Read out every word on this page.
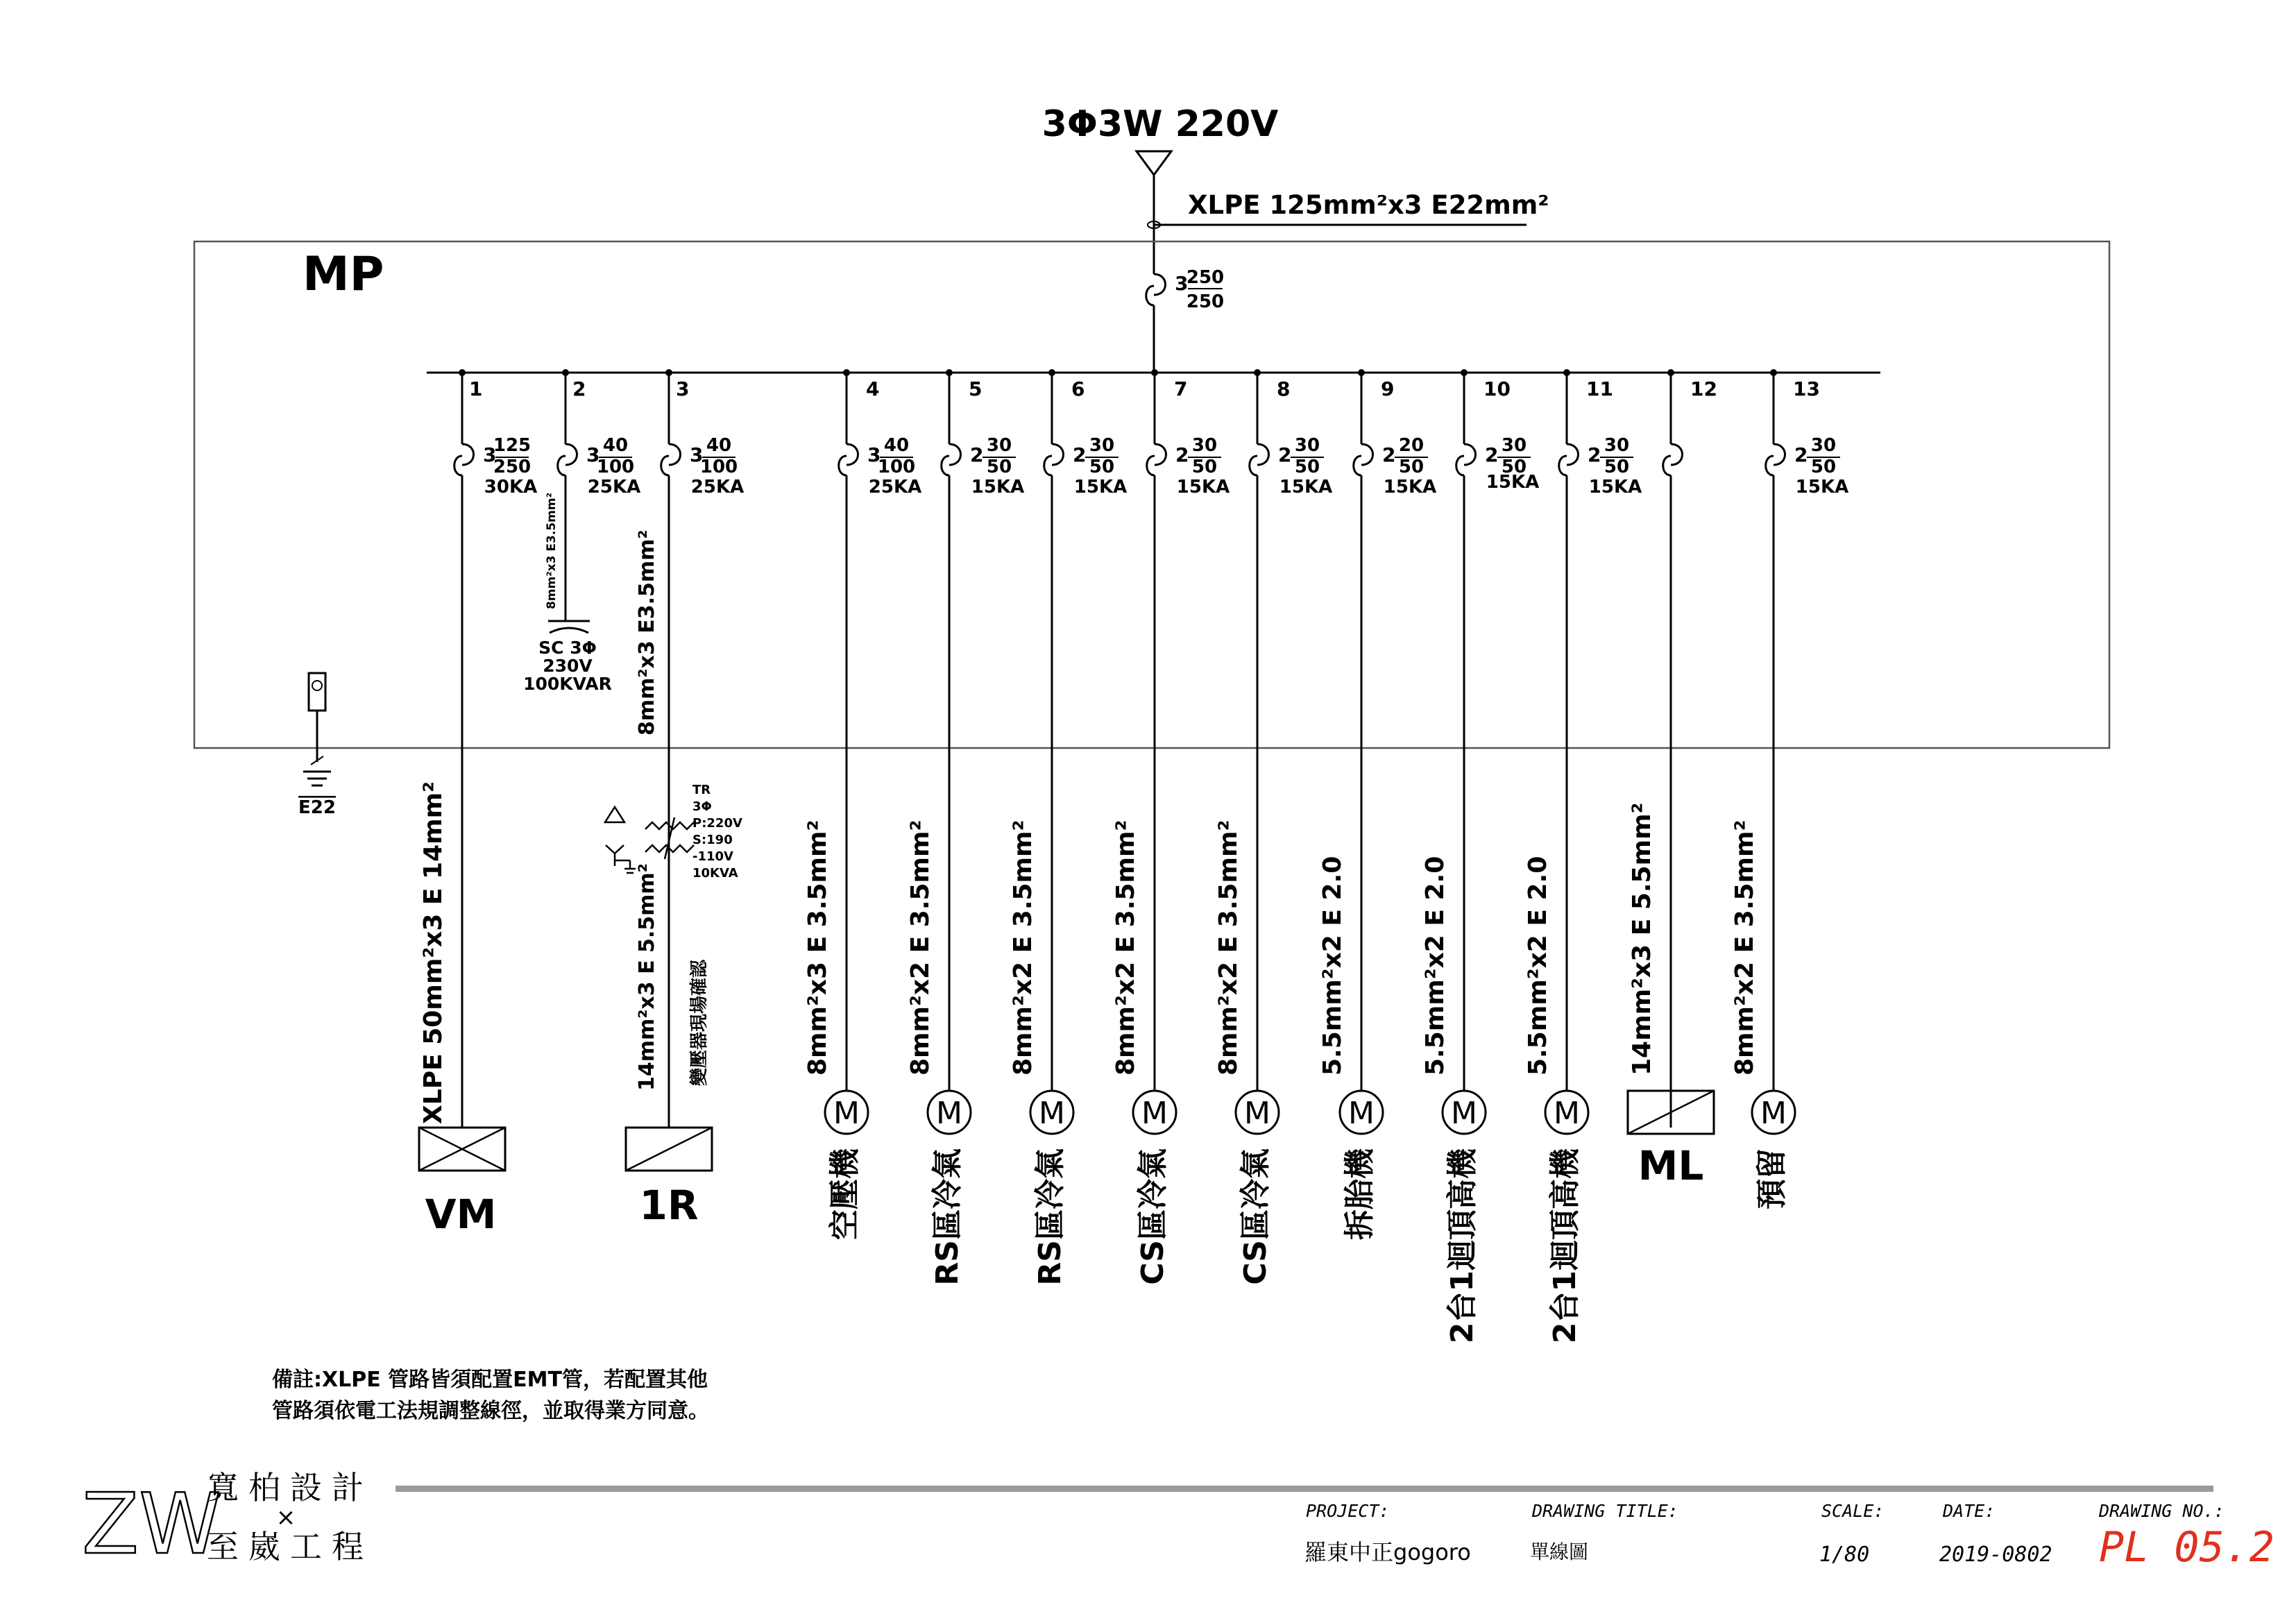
3Φ3W 220V
XLPE 125mm²x3 E22mm²
MP	3
250
250
E22
1
3
125
250
30KA
XLPE 50mm²x3 E 14mm²
VM
2
3 40
100
25KA
3
3 40
100
25KA
8mm²x3 E3.5mm²
14mm²x3 E 5.5mm² 變壓器現場確認
1R
4
3 40
100
25KA
8mm²x3 E 3.5mm²
M
空壓機
5
2 30
50
15KA
8mm²x2 E 3.5mm²
M
RS區冷氣
6
2 30
50
15KA
8mm²x2 E 3.5mm²
M
RS區冷氣
7
2 30
50
15KA
8mm²x2 E 3.5mm²
M
CS區冷氣
8
2 30
50
15KA
8mm²x2 E 3.5mm²
M
CS區冷氣
9
2 20
50
15KA
5.5mm²x2 E 2.0
M
拆胎機
10
2 30
50
15KA
5.5mm²x2 E 2.0
M
2台1迴頂高機
11
2 30
50
15KA
5.5mm²x2 E 2.0
M
2台1迴頂高機
12
14mm²x3 E 5.5mm²
ML
13
2 30
50
15KA
8mm²x2 E 3.5mm²
M
預留
8mm²x3 E3.5mm²
SC 3Φ
230V
100KVAR
TR
3Φ
P:220V
S:190
-110V
10KVA
備註:XLPE 管路皆須配置EMT管，若配置其他
管路須依電工法規調整線徑，並取得業方同意。
ZW
寬柏設計
×
至崴工程
PROJECT:
羅東中正gogoro
DRAWING TITLE:
單線圖
SCALE:
1/80
DATE:
2019-0802
DRAWING NO.:
PL 05.2
